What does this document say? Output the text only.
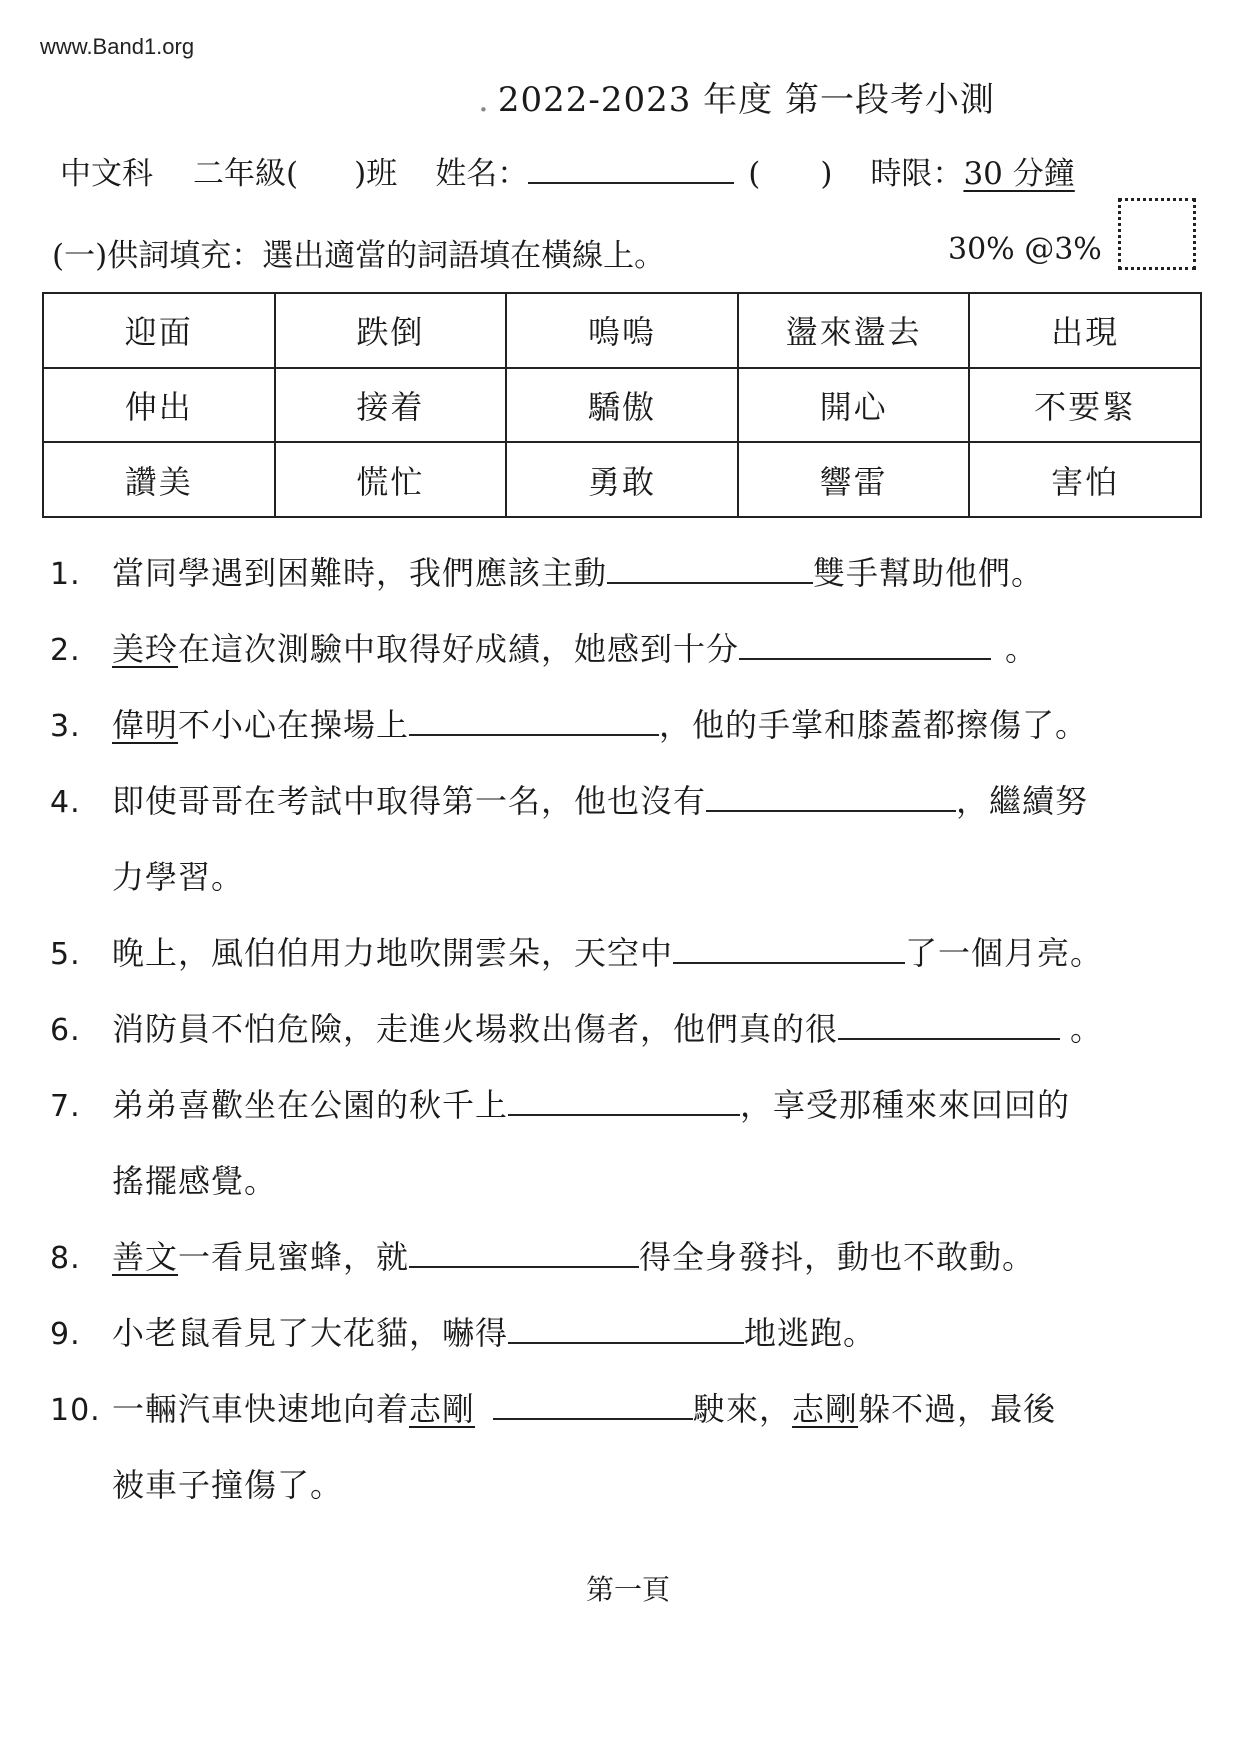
www.Band1.org
. 2022-2023 年度 第一段考小測
中文科 二年級( )班 姓名：	( ) 時限： 30 分鐘
(一)供詞填充：選出適當的詞語填在橫線上。	30% @3%
迎面	跌倒	嗚嗚	盪來盪去	出現
伸出	接着	驕傲	開心	不要緊
讚美	慌忙	勇敢	響雷	害怕
1. 當同學遇到困難時，我們應該主動	雙手幫助他們。
2. 美玲在這次測驗中取得好成績，她感到十分	。
3. 偉明不小心在操場上	，他的手掌和膝蓋都擦傷了。
4. 即使哥哥在考試中取得第一名，他也沒有	，繼續努
力學習。
5. 晚上，風伯伯用力地吹開雲朵，天空中	了一個月亮。
6. 消防員不怕危險，走進火場救出傷者，他們真的很	。
7. 弟弟喜歡坐在公園的秋千上	，享受那種來來回回的
搖擺感覺。
8. 善文一看見蜜蜂，就	得全身發抖，動也不敢動。
9. 小老鼠看見了大花貓，嚇得	地逃跑。
10. 一輛汽車快速地向着志剛	駛來，志剛躲不過，最後
被車子撞傷了。
第一頁
